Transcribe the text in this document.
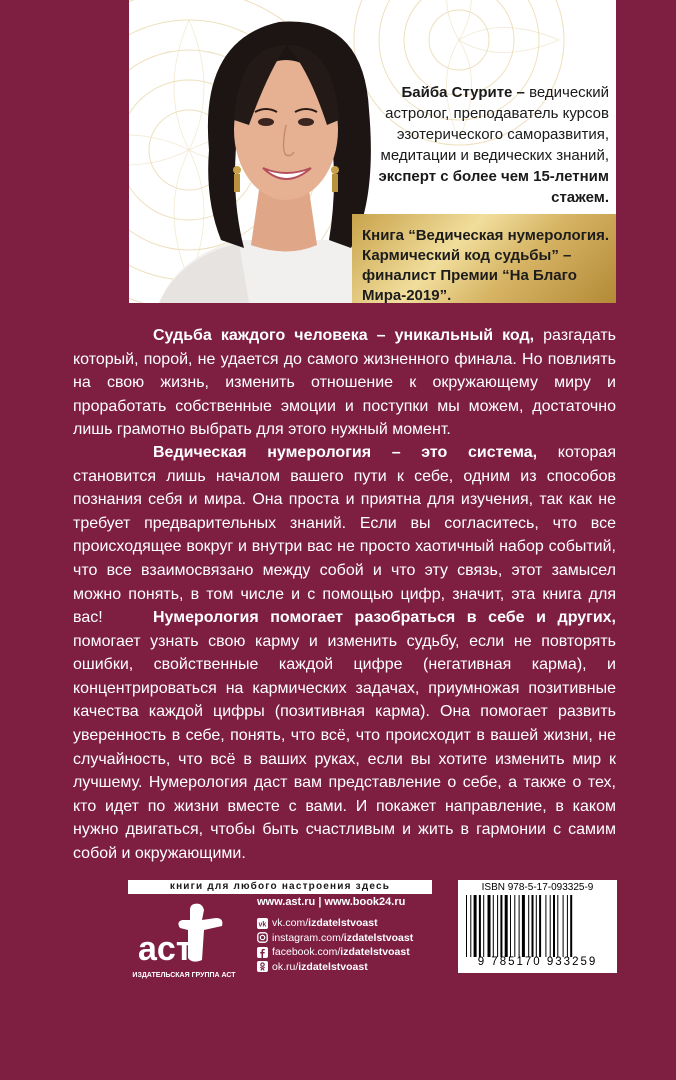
Байба Стурите – ведический астролог, преподаватель курсов эзотерического саморазвития, медитации и ведических знаний, эксперт с более чем 15-летним стажем.
Книга “Ведическая нумерология. Кармический код судьбы” – финалист Премии “На Благо Мира-2019”.

Судьба каждого человека – уникальный код, разгадать который, порой, не удается до самого жизненного финала. Но повлиять на свою жизнь, изменить отношение к окружающему миру и проработать собственные эмоции и поступки мы можем, достаточно лишь грамотно выбрать для этого нужный момент.

Ведическая нумерология – это система, которая становится лишь началом вашего пути к себе, одним из способов познания себя и мира. Она проста и приятна для изучения, так как не требует предварительных знаний. Если вы согласитесь, что все происходящее вокруг и внутри вас не просто хаотичный набор событий, что все взаимосвязано между собой и что эту связь, этот замысел можно понять, в том числе и с помощью цифр, значит, эта книга для вас!	Нумерология помогает разобраться в себе и других, помогает узнать свою карму и изменить судьбу, если не повторять ошибки, свойственные каждой цифре (негативная карма), и концентрироваться на кармических задачах, приумножая позитивные качества каждой цифры (позитивная карма). Она помогает развить уверенность в себе, понять, что всё, что происходит в вашей жизни, не случайность, что всё в ваших руках, если вы хотите изменить мир к лучшему. Нумерология даст вам представление о себе, а также о тех, кто идет по жизни вместе с вами. И покажет направление, в каком нужно двигаться, чтобы быть счастливым и жить в гармонии с самим собой и окружающими.

книги для любого настроения здесь
аст
ИЗДАТЕЛЬСКАЯ ГРУППА АСТ
www.ast.ru | www.book24.ru
vk vk.com/ izdatelstvoast
instagram.com/ izdatelstvoast
facebook.com/ izdatelstvoast
ok.ru/ izdatelstvoast
ISBN 978-5-17-093325-9
9 785170 933259
